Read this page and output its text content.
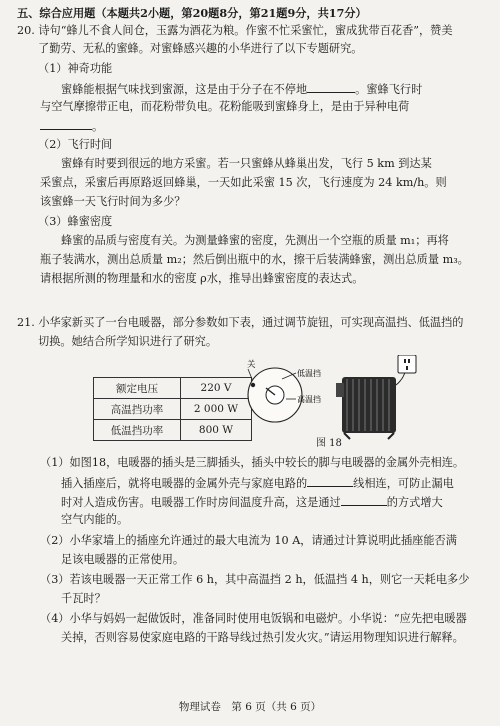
五、综合应用题（本题共2小题，第20题8分，第21题9分，共17分）
20. 诗句“蜂儿不食人间仓，玉露为酒花为粮。作蜜不忙采蜜忙，蜜成犹带百花香”，赞美
了勤劳、无私的蜜蜂。对蜜蜂感兴趣的小华进行了以下专题研究。
（1）神奇功能
蜜蜂能根据气味找到蜜源，这是由于分子在不停地	。蜜蜂飞行时
与空气摩擦带正电，而花粉带负电。花粉能吸到蜜蜂身上，是由于异种电荷
。
（2）飞行时间
蜜蜂有时要到很远的地方采蜜。若一只蜜蜂从蜂巢出发，飞行 5 km 到达某
采蜜点，采蜜后再原路返回蜂巢，一天如此采蜜 15 次，飞行速度为 24 km/h。则
该蜜蜂一天飞行时间为多少？
（3）蜂蜜密度
蜂蜜的品质与密度有关。为测量蜂蜜的密度，先测出一个空瓶的质量 m₁；再将
瓶子装满水，测出总质量 m₂；然后倒出瓶中的水，擦干后装满蜂蜜，测出总质量 m₃。
请根据所测的物理量和水的密度 ρ水，推导出蜂蜜密度的表达式。
21. 小华家新买了一台电暖器，部分参数如下表，通过调节旋钮，可实现高温挡、低温挡的
切换。她结合所学知识进行了研究。
额定电压	220 V
高温挡功率	2 000 W
低温挡功率	800 W
关
低温挡
高温挡
图 18
（1）如图18，电暖器的插头是三脚插头，插头中较长的脚与电暖器的金属外壳相连。
插入插座后，就将电暖器的金属外壳与家庭电路的	线相连，可防止漏电
时对人造成伤害。电暖器工作时房间温度升高，这是通过	的方式增大
空气内能的。
（2）小华家墙上的插座允许通过的最大电流为 10 A，请通过计算说明此插座能否满
足该电暖器的正常使用。
（3）若该电暖器一天正常工作 6 h，其中高温挡 2 h，低温挡 4 h，则它一天耗电多少
千瓦时？
（4）小华与妈妈一起做饭时，准备同时使用电饭锅和电磁炉。小华说：“应先把电暖器
关掉，否则容易使家庭电路的干路导线过热引发火灾。”请运用物理知识进行解释。
物理试卷　第 6 页（共 6 页）
